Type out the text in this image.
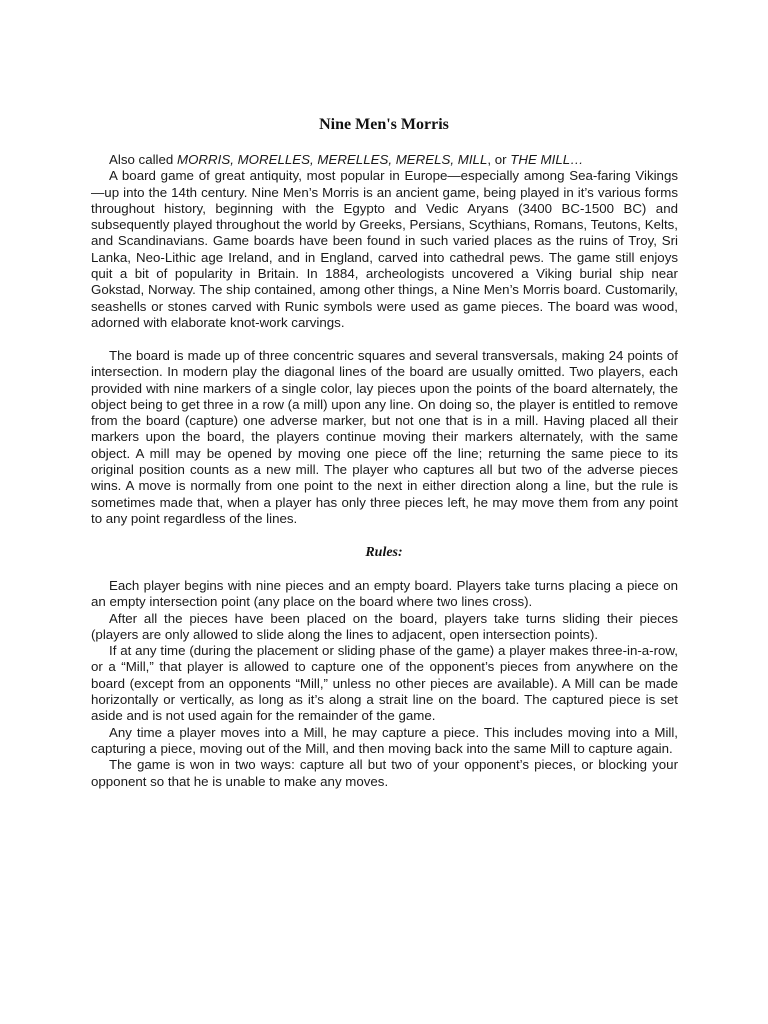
Nine Men's Morris

Also called MORRIS, MORELLES, MERELLES, MERELS, MILL, or THE MILL…

A board game of great antiquity, most popular in Europe—especially among Sea-faring Vikings—up into the 14th century. Nine Men’s Morris is an ancient game, being played in it’s various forms throughout history, beginning with the Egypto and Vedic Aryans (3400 BC-1500 BC) and subsequently played throughout the world by Greeks, Persians, Scythians, Romans, Teutons, Kelts, and Scandinavians. Game boards have been found in such varied places as the ruins of Troy, Sri Lanka, Neo-Lithic age Ireland, and in England, carved into cathedral pews. The game still enjoys quit a bit of popularity in Britain. In 1884, archeologists uncovered a Viking burial ship near Gokstad, Norway. The ship contained, among other things, a Nine Men’s Morris board. Customarily, seashells or stones carved with Runic symbols were used as game pieces. The board was wood, adorned with elaborate knot-work carvings.

The board is made up of three concentric squares and several transversals, making 24 points of intersection. In modern play the diagonal lines of the board are usually omitted. Two players, each provided with nine markers of a single color, lay pieces upon the points of the board alternately, the object being to get three in a row (a mill) upon any line. On doing so, the player is entitled to remove from the board (capture) one adverse marker, but not one that is in a mill. Having placed all their markers upon the board, the players continue moving their markers alternately, with the same object. A mill may be opened by moving one piece off the line; returning the same piece to its original position counts as a new mill. The player who captures all but two of the adverse pieces wins. A move is normally from one point to the next in either direction along a line, but the rule is sometimes made that, when a player has only three pieces left, he may move them from any point to any point regardless of the lines.

Rules:

Each player begins with nine pieces and an empty board. Players take turns placing a piece on an empty intersection point (any place on the board where two lines cross).

After all the pieces have been placed on the board, players take turns sliding their pieces (players are only allowed to slide along the lines to adjacent, open intersection points).

If at any time (during the placement or sliding phase of the game) a player makes three-in-a-row, or a “Mill,” that player is allowed to capture one of the opponent’s pieces from anywhere on the board (except from an opponents “Mill,” unless no other pieces are available). A Mill can be made horizontally or vertically, as long as it’s along a strait line on the board. The captured piece is set aside and is not used again for the remainder of the game.

Any time a player moves into a Mill, he may capture a piece. This includes moving into a Mill, capturing a piece, moving out of the Mill, and then moving back into the same Mill to capture again.

The game is won in two ways: capture all but two of your opponent’s pieces, or blocking your opponent so that he is unable to make any moves.
